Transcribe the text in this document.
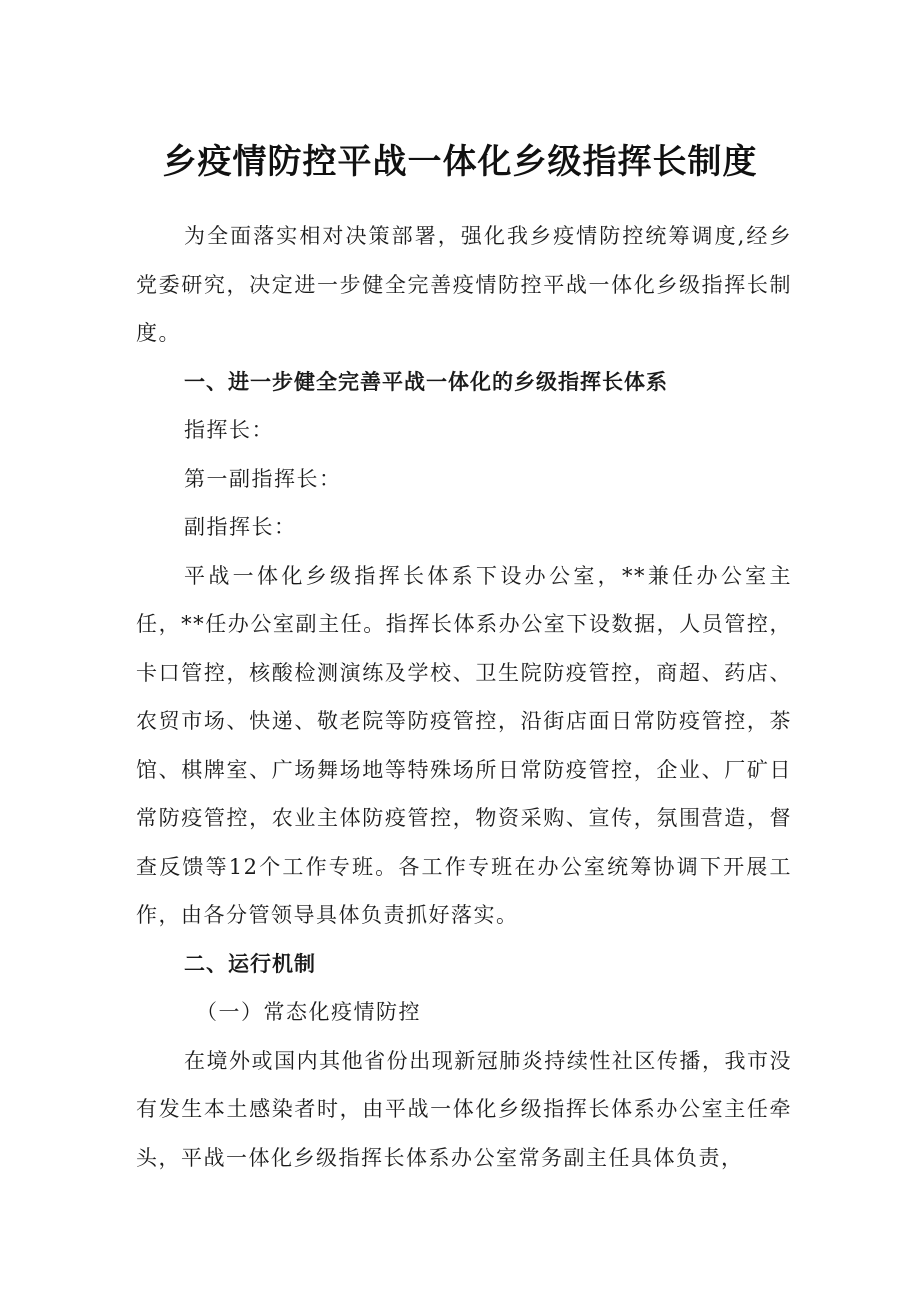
乡疫情防控平战一体化乡级指挥长制度

为全面落实相对决策部署，强化我乡疫情防控统筹调度,经乡党委研究，决定进一步健全完善疫情防控平战一体化乡级指挥长制度。

一、进一步健全完善平战一体化的乡级指挥长体系

指挥长：

第一副指挥长：

副指挥长：

平战一体化乡级指挥长体系下设办公室，**兼任办公室主任，**任办公室副主任。指挥长体系办公室下设数据，人员管控，卡口管控，核酸检测演练及学校、卫生院防疫管控，商超、药店、农贸市场、快递、敬老院等防疫管控，沿街店面日常防疫管控，茶馆、棋牌室、广场舞场地等特殊场所日常防疫管控，企业、厂矿日常防疫管控，农业主体防疫管控，物资采购、宣传，氛围营造，督查反馈等12个工作专班。各工作专班在办公室统筹协调下开展工作，由各分管领导具体负责抓好落实。

二、运行机制

（一）常态化疫情防控

在境外或国内其他省份出现新冠肺炎持续性社区传播，我市没有发生本土感染者时，由平战一体化乡级指挥长体系办公室主任牵头，平战一体化乡级指挥长体系办公室常务副主任具体负责，
